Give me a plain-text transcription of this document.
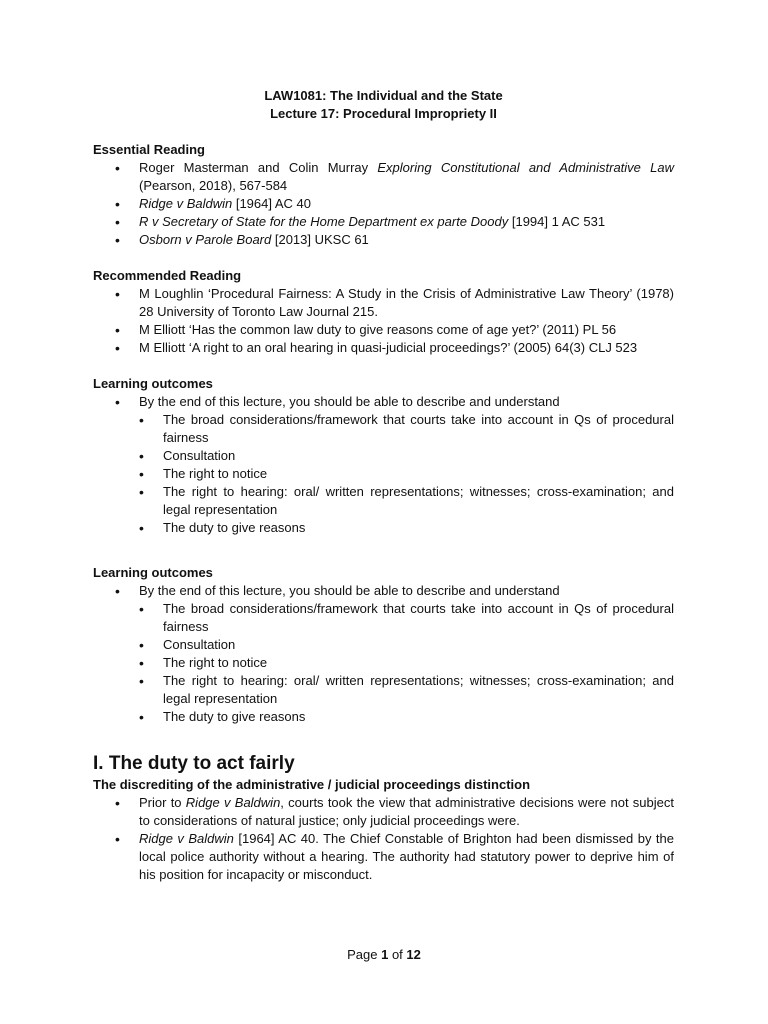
LAW1081: The Individual and the State
Lecture 17: Procedural Impropriety II
Essential Reading
• Roger Masterman and Colin Murray Exploring Constitutional and Administrative Law (Pearson, 2018), 567-584
• Ridge v Baldwin [1964] AC 40
• R v Secretary of State for the Home Department ex parte Doody [1994] 1 AC 531
• Osborn v Parole Board [2013] UKSC 61
Recommended Reading
• M Loughlin ‘Procedural Fairness: A Study in the Crisis of Administrative Law Theory’ (1978) 28 University of Toronto Law Journal 215.
• M Elliott ‘Has the common law duty to give reasons come of age yet?’ (2011) PL 56
• M Elliott ‘A right to an oral hearing in quasi-judicial proceedings?’ (2005) 64(3) CLJ 523
Learning outcomes
• By the end of this lecture, you should be able to describe and understand
• The broad considerations/framework that courts take into account in Qs of procedural fairness
• Consultation
• The right to notice
• The right to hearing: oral/ written representations; witnesses; cross-examination; and legal representation
• The duty to give reasons
Learning outcomes
• By the end of this lecture, you should be able to describe and understand
• The broad considerations/framework that courts take into account in Qs of procedural fairness
• Consultation
• The right to notice
• The right to hearing: oral/ written representations; witnesses; cross-examination; and legal representation
• The duty to give reasons
I. The duty to act fairly
The discrediting of the administrative / judicial proceedings distinction
• Prior to Ridge v Baldwin, courts took the view that administrative decisions were not subject to considerations of natural justice; only judicial proceedings were.
• Ridge v Baldwin [1964] AC 40. The Chief Constable of Brighton had been dismissed by the local police authority without a hearing. The authority had statutory power to deprive him of his position for incapacity or misconduct.
Page 1 of 12
